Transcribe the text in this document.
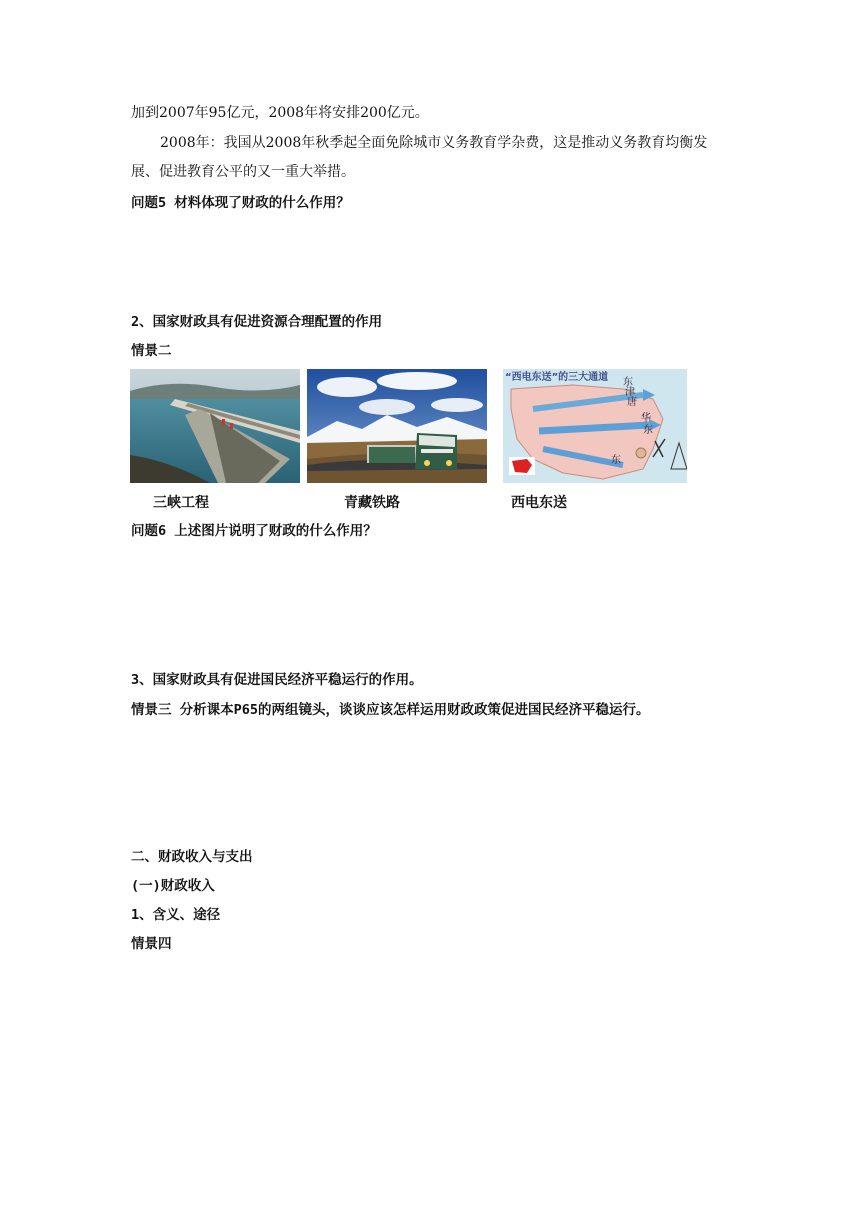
加到2007年95亿元，2008年将安排200亿元。
2008年：我国从2008年秋季起全面免除城市义务教育学杂费，这是推动义务教育均衡发
展、促进教育公平的又一重大举措。
问题5 材料体现了财政的什么作用？
2、国家财政具有促进资源合理配置的作用
情景二
“西电东送”的三大通道 东
津
唐
华
东
东
三峡工程	青藏铁路	西电东送
问题6 上述图片说明了财政的什么作用？
3、国家财政具有促进国民经济平稳运行的作用。
情景三 分析课本P65的两组镜头，谈谈应该怎样运用财政政策促进国民经济平稳运行。
二、财政收入与支出
(一)财政收入
1、含义、途径
情景四
